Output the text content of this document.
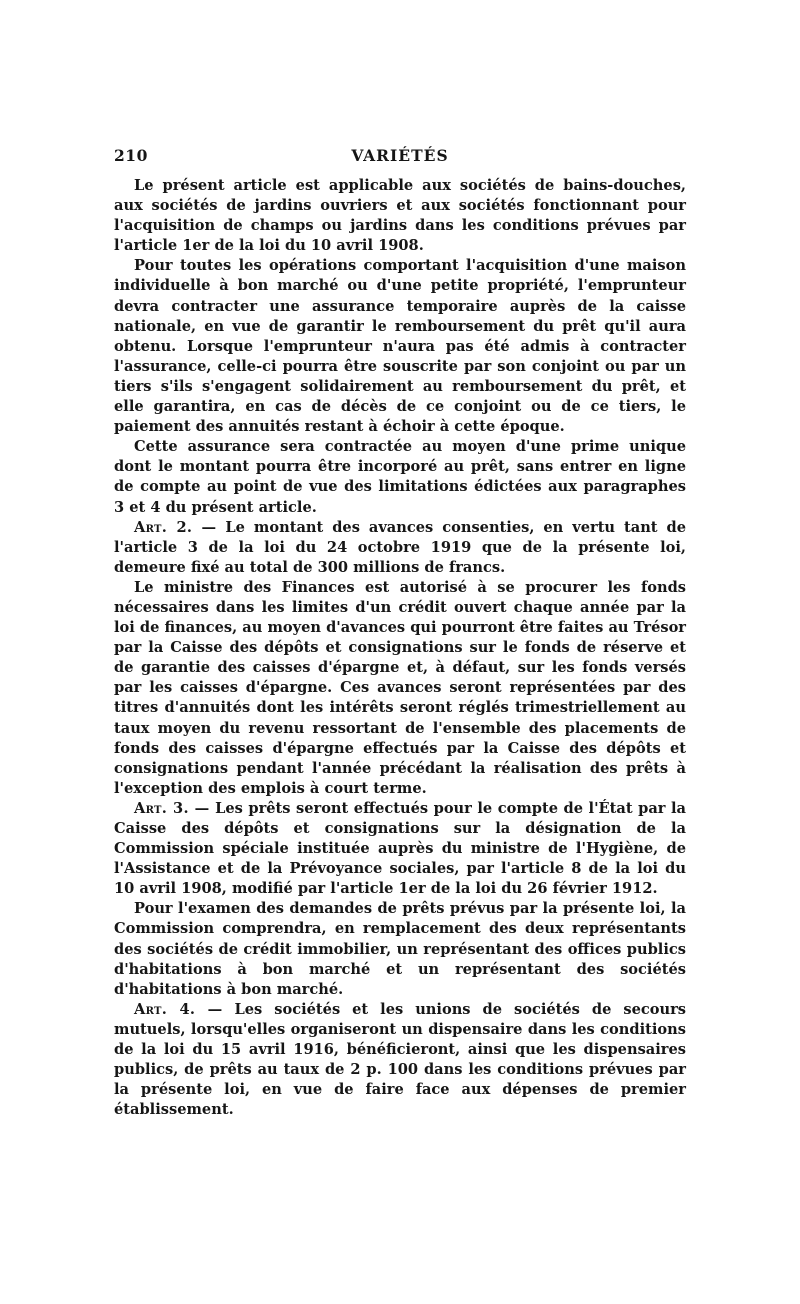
210	VARIÉTÉS

Le présent article est applicable aux sociétés de bains-douches, aux sociétés de jardins ouvriers et aux sociétés fonctionnant pour l'acquisition de champs ou jardins dans les conditions prévues par l'article 1er de la loi du 10 avril 1908.

Pour toutes les opérations comportant l'acquisition d'une maison individuelle à bon marché ou d'une petite propriété, l'emprunteur devra contracter une assurance temporaire auprès de la caisse nationale, en vue de garantir le remboursement du prêt qu'il aura obtenu. Lorsque l'emprunteur n'aura pas été admis à contracter l'assurance, celle-ci pourra être souscrite par son conjoint ou par un tiers s'ils s'engagent solidairement au remboursement du prêt, et elle garantira, en cas de décès de ce conjoint ou de ce tiers, le paiement des annuités restant à échoir à cette époque.

Cette assurance sera contractée au moyen d'une prime unique dont le montant pourra être incorporé au prêt, sans entrer en ligne de compte au point de vue des limitations édictées aux paragraphes 3 et 4 du présent article.

Art. 2. — Le montant des avances consenties, en vertu tant de l'article 3 de la loi du 24 octobre 1919 que de la présente loi, demeure fixé au total de 300 millions de francs.

Le ministre des Finances est autorisé à se procurer les fonds nécessaires dans les limites d'un crédit ouvert chaque année par la loi de finances, au moyen d'avances qui pourront être faites au Trésor par la Caisse des dépôts et consignations sur le fonds de réserve et de garantie des caisses d'épargne et, à défaut, sur les fonds versés par les caisses d'épargne. Ces avances seront représentées par des titres d'annuités dont les intérêts seront réglés trimestriellement au taux moyen du revenu ressortant de l'ensemble des placements de fonds des caisses d'épargne effectués par la Caisse des dépôts et consignations pendant l'année précédant la réalisation des prêts à l'exception des emplois à court terme.

Art. 3. — Les prêts seront effectués pour le compte de l'État par la Caisse des dépôts et consignations sur la désignation de la Commission spéciale instituée auprès du ministre de l'Hygiène, de l'Assistance et de la Prévoyance sociales, par l'article 8 de la loi du 10 avril 1908, modifié par l'article 1er de la loi du 26 février 1912.

Pour l'examen des demandes de prêts prévus par la présente loi, la Commission comprendra, en remplacement des deux représentants des sociétés de crédit immobilier, un représentant des offices publics d'habitations à bon marché et un représentant des sociétés d'habitations à bon marché.

Art. 4. — Les sociétés et les unions de sociétés de secours mutuels, lorsqu'elles organiseront un dispensaire dans les conditions de la loi du 15 avril 1916, bénéficieront, ainsi que les dispensaires publics, de prêts au taux de 2 p. 100 dans les conditions prévues par la présente loi, en vue de faire face aux dépenses de premier établissement.
